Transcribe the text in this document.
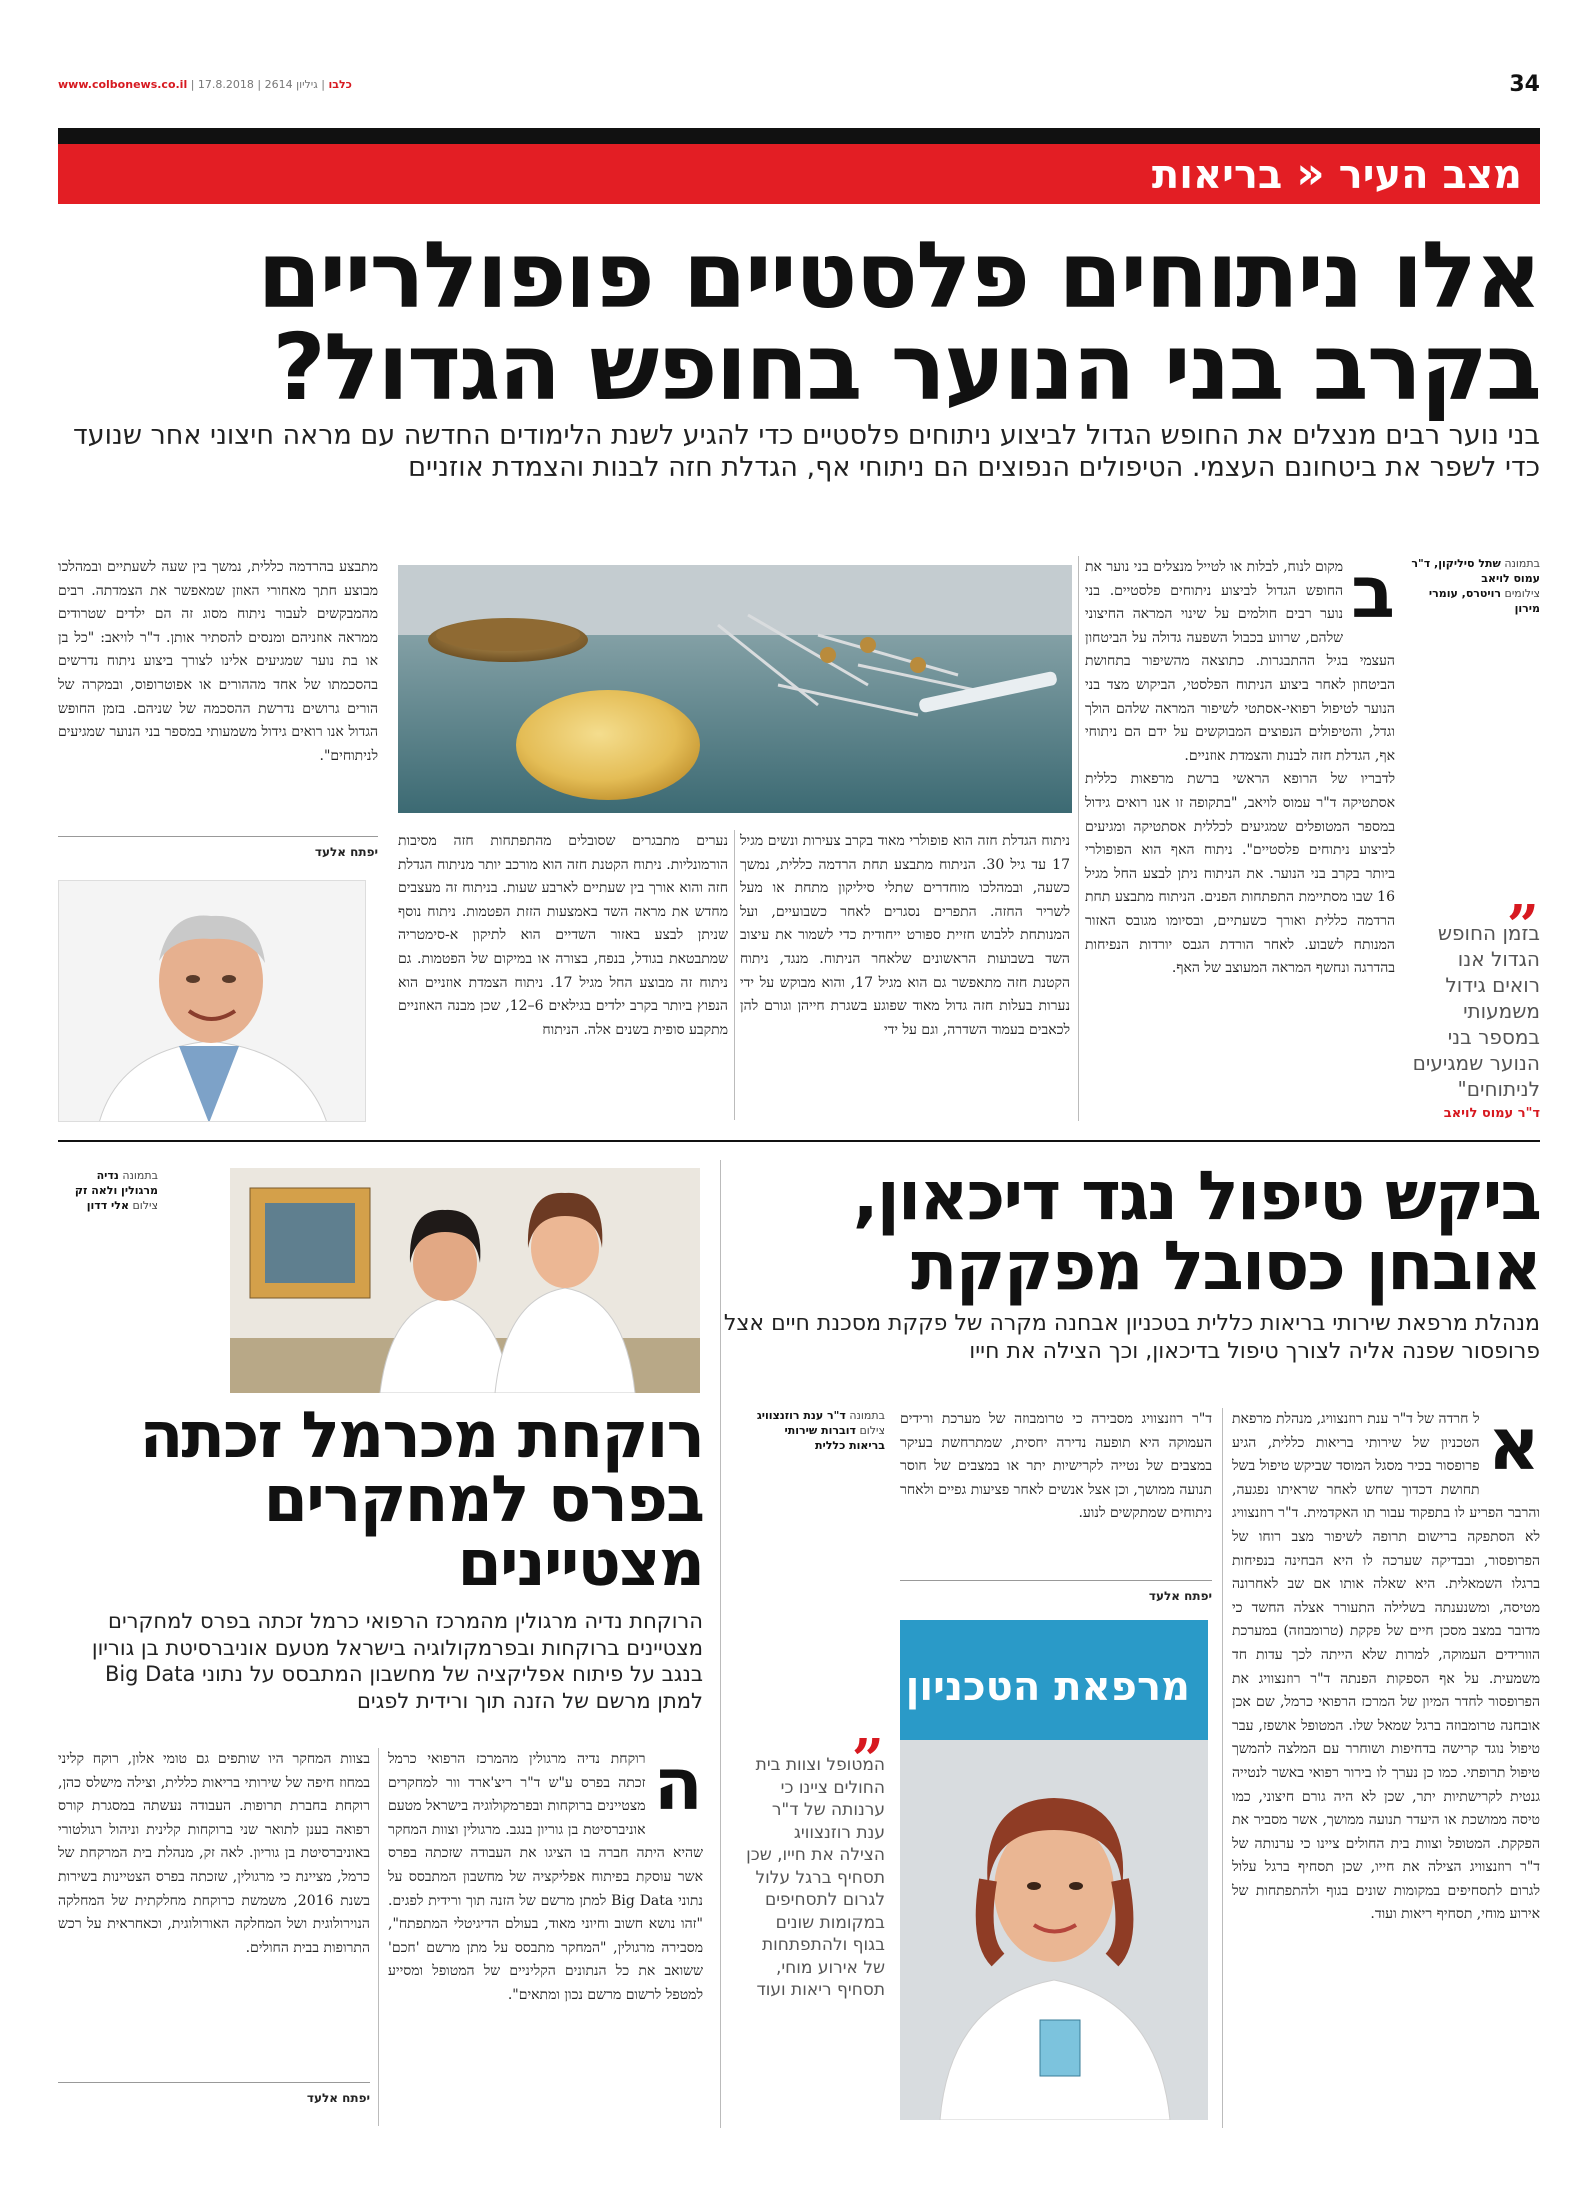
www.colbonews.co.il |	כלבו | גיליון 2614 | 17.8.2018	34
מצב העיר « בריאות
אלו ניתוחים פלסטיים פופולריים
בקרב בני הנוער בחופש הגדול?
בני נוער רבים מנצלים את החופש הגדול לביצוע ניתוחים פלסטיים כדי להגיע לשנת הלימודים החדשה עם מראה חיצוני אחר שנועד כדי לשפר את ביטחונם העצמי. הטיפולים הנפוצים הם ניתוחי אף, הגדלת חזה לבנות והצמדת אוזניים
בתמונה שתל סיליקון, ד"ר עמוס לויאב
צילומים רויטרס, עומרי מירון
ב
מקום לנוח, לבלות או לטייל מנצלים בני נוער את החופש הגדול לביצוע ניתוחים פלסטיים. בני נוער רבים חולמים על שינוי המראה החיצוני שלהם, שרווע בכבול השפעה גדולה על הביטחון העצמי בגיל ההתבגרות. כתוצאה מהשיפור בתחושת הביטחון לאחר ביצוע הניתוח הפלסטי, הביקוש מצד בני הנוער לטיפול רפואי-אסתטי לשיפור המראה שלהם הולך וגדל, והטיפולים הנפוצים המבוקשים על ידם הם ניתוחי אף, הגדלת חזה לבנות והצמדת אוזניים.
לדבריו של הרופא הראשי ברשת מרפאות כללית אסתטיקה ד"ר עמוס לויאב, "בתקופה זו אנו רואים גידול במספר המטופלים שמגיעים לכללית אסתטיקה ומגיעים לביצוע ניתוחים פלסטיים". ניתוח האף הוא הפופולרי ביותר בקרב בני הנוער. את הניתוח ניתן לבצע החל מגיל 16 שבו מסתיימת התפתחות הפנים. הניתוח מתבצע תחת הרדמה כללית ואורך כשעתיים, ובסיומו מגובס האזור המנותח לשבוע. לאחר הורדת הגבס יורדות הנפיחות בהדרגה ונחשף המראה המעוצב של האף.
„
בזמן החופש הגדול אנו רואים גידול משמעותי במספר בני הנוער שמגיעים לניתוחים"
ד"ר עמוס לויאב
ניתוח הגדלת חזה הוא פופולרי מאוד בקרב צעירות ונשים מגיל 17 עד גיל 30. הניתוח מתבצע תחת הרדמה כללית, נמשך כשעה, ובמהלכו מוחדרים שתלי סיליקון מתחת או מעל לשריר החזה. התפרים נסגרים לאחר כשבועיים, ועל המנותחת ללבוש חזיית ספורט ייחודית כדי לשמור את עיצוב השד בשבועות הראשונים שלאחר הניתוח. מנגד, ניתוח הקטנת חזה מתאפשר גם הוא מגיל 17, והוא מבוקש על ידי נערות בעלות חזה גדול מאוד שפוגע בשגרת חייהן וגורם להן לכאבים בעמוד השדרה, וגם על ידי
נערים מתבגרים שסובלים מהתפתחות חזה מסיבות הורמונליות. ניתוח הקטנת חזה הוא מורכב יותר מניתוח הגדלת חזה והוא אורך בין שעתיים לארבע שעות. בניתוח זה מעצבים מחדש את מראה השד באמצעות הזזת הפטמות. ניתוח נוסף שניתן לבצע באזור השדיים הוא לתיקון א-סימטריה שמתבטאת בגודל, בנפח, בצורה או במיקום של הפטמות. גם ניתוח זה מבוצע החל מגיל 17. ניתוח הצמדת אוזניים הוא הנפוץ ביותר בקרב ילדים בגילאים 6–12, שכן מבנה האוזניים מתקבע סופית בשנים אלה. הניתוח
מתבצע בהרדמה כללית, נמשך בין שעה לשעתיים ובמהלכו מבוצע חתך מאחורי האוזן שמאפשר את הצמדתה. רבים מהמבקשים לעבור ניתוח מסוג זה הם ילדים שטרודים ממראה אוזניהם ומנסים להסתיר אותן. ד"ר לויאב: "כל בן או בת נוער שמגיעים אלינו לצורך ביצוע ניתוח נדרשים בהסכמתו של אחד מההורים או אפוטרופוס, ובמקרה של הורים גרושים נדרשת ההסכמה של שניהם. בזמן החופש הגדול אנו רואים גידול משמעותי במספר בני הנוער שמגיעים לניתוחים".
יפתח אלעד
ביקש טיפול נגד דיכאון,
אובחן כסובל מפקקת
מנהלת מרפאת שירותי בריאות כללית בטכניון אבחנה מקרה של פקקת מסכנת חיים אצל פרופסור שפנה אליה לצורך טיפול בדיכאון, וכך הצילה את חייו
א
ל חרדה של ד"ר ענת רוזנצוויג, מנהלת מרפאת הטכניון של שירותי בריאות כללית, הגיע פרופסור בכיר מסגל המוסד שביקש טיפול בשל תחושת דכדוך שחש לאחר שראיתו נפגעה, והרבר הפריע לו בתפקוד עבור תו האקדמית. ד"ר רוזנצוויג לא הסתפקה ברישום תרופה לשיפור מצב רוחו של הפרופסור, ובבדיקה שערכה לו היא הבחינה בנפיחות ברגלו השמאלית. היא שאלה אותו אם שב לאחרונה מטיסה, ומשנענתה בשלילה התעורר אצלה החשד כי מדובר במצב מסכן חיים של פקקת (טרומבוזה) במערכת הוורידים העמוקה, למרות שלא הייתה לכך עדות חד משמעית. על אף הספקות הפנתה ד"ר רוזנצוויג את הפרופסור לחדר המיון של המרכז הרפואי כרמל, שם אכן אובחנה טרומבוזה ברגל שמאל שלו. המטופל אושפז, עבר טיפול נוגד קרישה בדחיפות ושוחרר עם המלצה להמשך טיפול תרופתי. כמו כן נערך לו בירור רפואי באשר לנטייה גנטית לקרישתיות יתר, שכן לא היה גורם חיצוני, כמו טיסה ממושכת או היעדר תנועה ממושך, אשר מסביר את הפקקת. המטופל וצוות בית החולים ציינו כי ערנותה של ד"ר רוזנצוויג הצילה את חייו, שכן תסחיף ברגל עלול לגרום לתסחיפים במקומות שונים בגוף ולהתפתחות של אירוע מוחי, תסחיף ריאות ועוד.
ד"ר רוזנצוויג מסבירה כי טרומבוזה של מערכת ורידים העמוקה היא תופעה נדירה יחסית, שמתרחשת בעיקר במצבים של נטייה לקרישיות יתר או במצבים של חוסר תנועה ממושך, וכן אצל אנשים לאחר פציעות גפיים ולאחר ניתוחים שמתקשים לנוע.
יפתח אלעד
בתמונה ד"ר ענת רוזנצוויג
צילום דוברות שירותי בריאות כללית
„
המטופל וצוות בית החולים ציינו כי ערנותה של ד"ר ענת רוזנצוויג הצילה את חייו, שכן תסחיף ברגל עלול לגרום לתסחיפים במקומות שונים בגוף ולהתפתחות של אירוע מוחי, תסחיף ריאות ועוד
מרפאת הטכניון
בתמונה נדיה מרגולין ולאה זק
צילום אלי דדון
רוקחת מכרמל זכתה
בפרס למחקרים
מצטיינים
הרוקחת נדיה מרגולין מהמרכז הרפואי כרמל זכתה בפרס למחקרים מצטיינים ברוקחות ובפרמקולוגיה בישראל מטעם אוניברסיטת בן גוריון בנגב על פיתוח אפליקציה של מחשבון המתבסס על נתוני Big Data למתן מרשם של הזנה תוך ורידית לפגים
ה
רוקחת נדיה מרגולין מהמרכז הרפואי כרמל זכתה בפרס ע"ש ד"ר ריצ'ארד וור למחקרים מצטיינים ברוקחות ובפרמקולוגיה בישראל מטעם אוניברסיטת בן גוריון בנגב. מרגולין וצוות המחקר שהיא היתה חברה בו הציגו את העבודה שזכתה בפרס אשר עוסקת בפיתוח אפליקציה של מחשבון המתבסס על נתוני Big Data למתן מרשם של הזנה תוך ורידית לפגים. "זהו נושא חשוב וחיוני מאוד, בעולם הדיגיטלי המתפתח", מסבירה מרגולין, "המחקר מתבסס על מתן מרשם 'חכם' ששואב את כל הנתונים הקליניים של המטופל ומסייע למטפל לרשום מרשם נכון ומתאים".
בצוות המחקר היו שותפים גם טומי אלון, רוקח קליני במחוז חיפה של שירותי בריאות כללית, וצילה מישלס כהן, רוקחת בחברת תרופות. העבודה נעשתה במסגרת קורס רפואה בענן לתואר שני ברוקחות קלינית וניהול רגולטורי באוניברסיטת בן גוריון. לאה זק, מנהלת בית המרקחת של כרמל, מציינת כי מרגולין, שזכתה בפרס הצטיינות בשירות בשנת 2016, משמשת כרוקחת מחלקתית של המחלקה הנוירולוגית ושל המחלקה האורולוגית, וכאחראית על רכש התרופות בבית החולים.
יפתח אלעד
